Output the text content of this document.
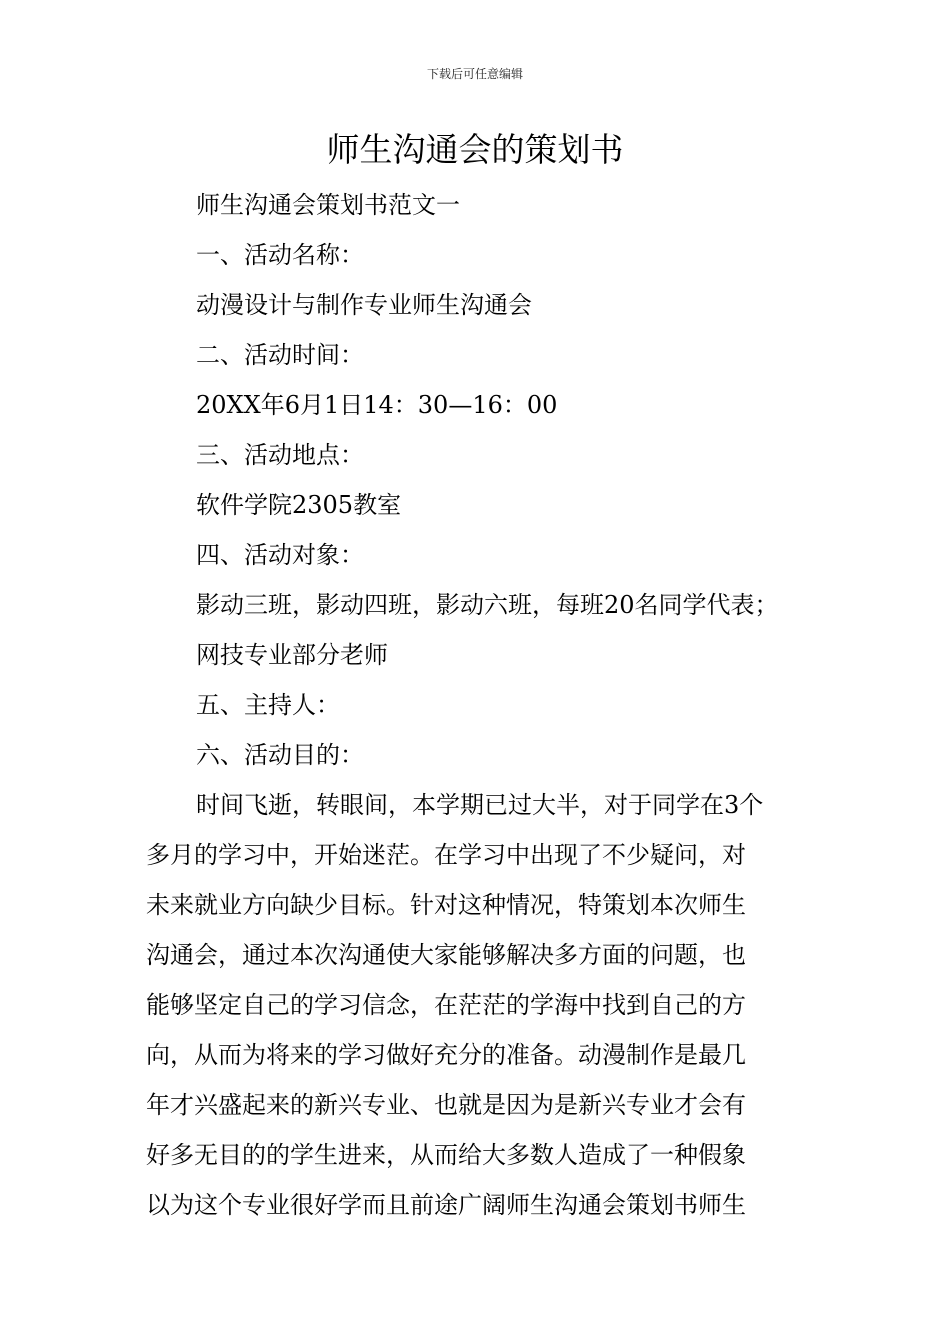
下载后可任意编辑
师生沟通会的策划书
师生沟通会策划书范文一
一、活动名称：
动漫设计与制作专业师生沟通会
二、活动时间：
20XX年6月1日14：30—16：00
三、活动地点：
软件学院2305教室
四、活动对象：
影动三班，影动四班，影动六班，每班20名同学代表；
网技专业部分老师
五、主持人：
六、活动目的：
时间飞逝，转眼间，本学期已过大半，对于同学在3个
多月的学习中，开始迷茫。在学习中出现了不少疑问，对
未来就业方向缺少目标。针对这种情况，特策划本次师生
沟通会，通过本次沟通使大家能够解决多方面的问题，也
能够坚定自己的学习信念，在茫茫的学海中找到自己的方
向，从而为将来的学习做好充分的准备。动漫制作是最几
年才兴盛起来的新兴专业、也就是因为是新兴专业才会有
好多无目的的学生进来，从而给大多数人造成了一种假象
以为这个专业很好学而且前途广阔师生沟通会策划书师生
